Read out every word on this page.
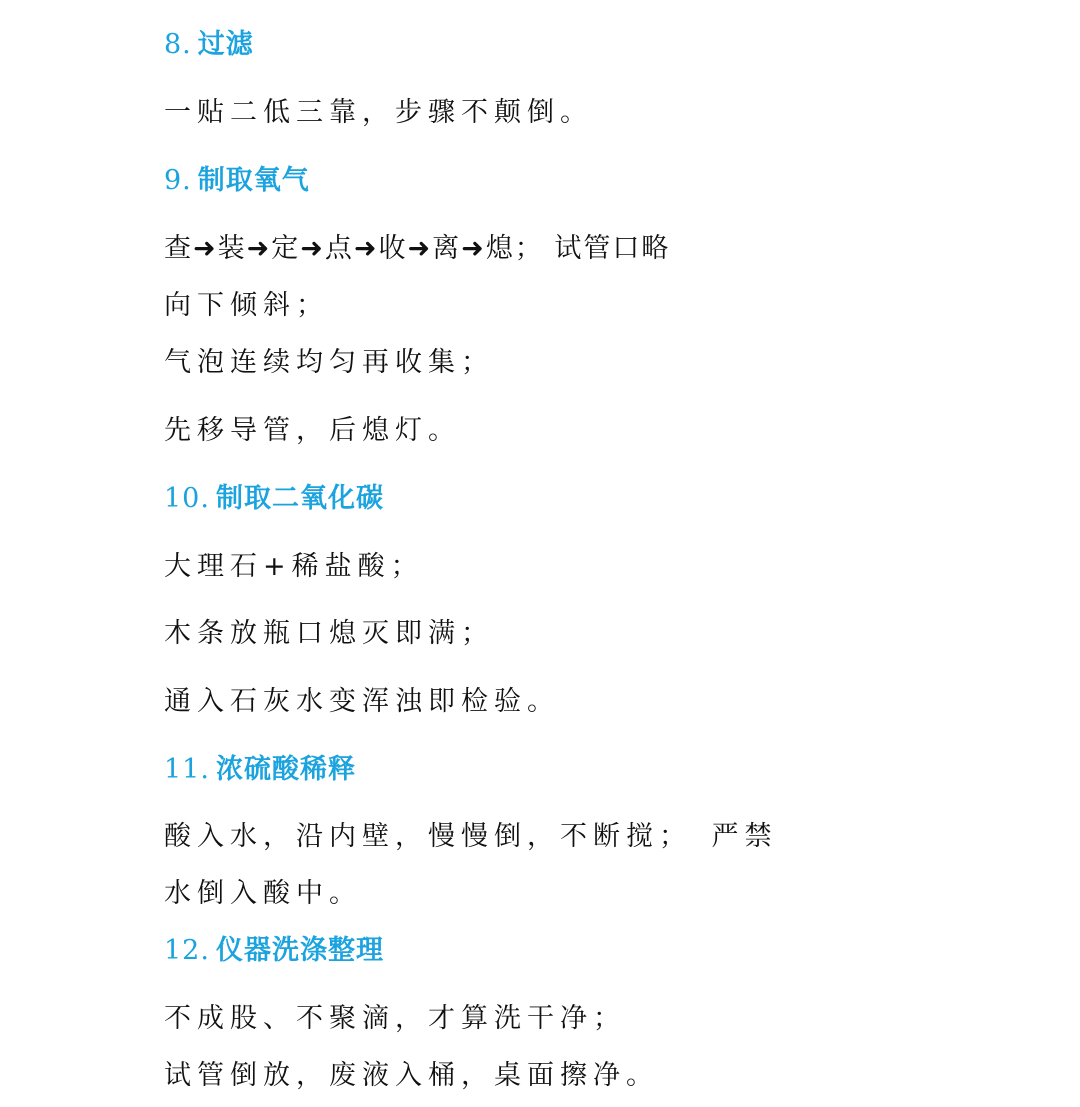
8. 过滤

一贴二低三靠，步骤不颠倒。

9. 制取氧气

查➜装➜定➜点➜收➜离➜熄； 试管口略

向下倾斜；

气泡连续均匀再收集；

先移导管，后熄灯。

10. 制取二氧化碳

大理石+稀盐酸；

木条放瓶口熄灭即满；

通入石灰水变浑浊即检验。

11. 浓硫酸稀释

酸入水，沿内壁，慢慢倒，不断搅；　严禁

水倒入酸中。

12. 仪器洗涤整理

不成股、不聚滴，才算洗干净；

试管倒放，废液入桶，桌面擦净。
